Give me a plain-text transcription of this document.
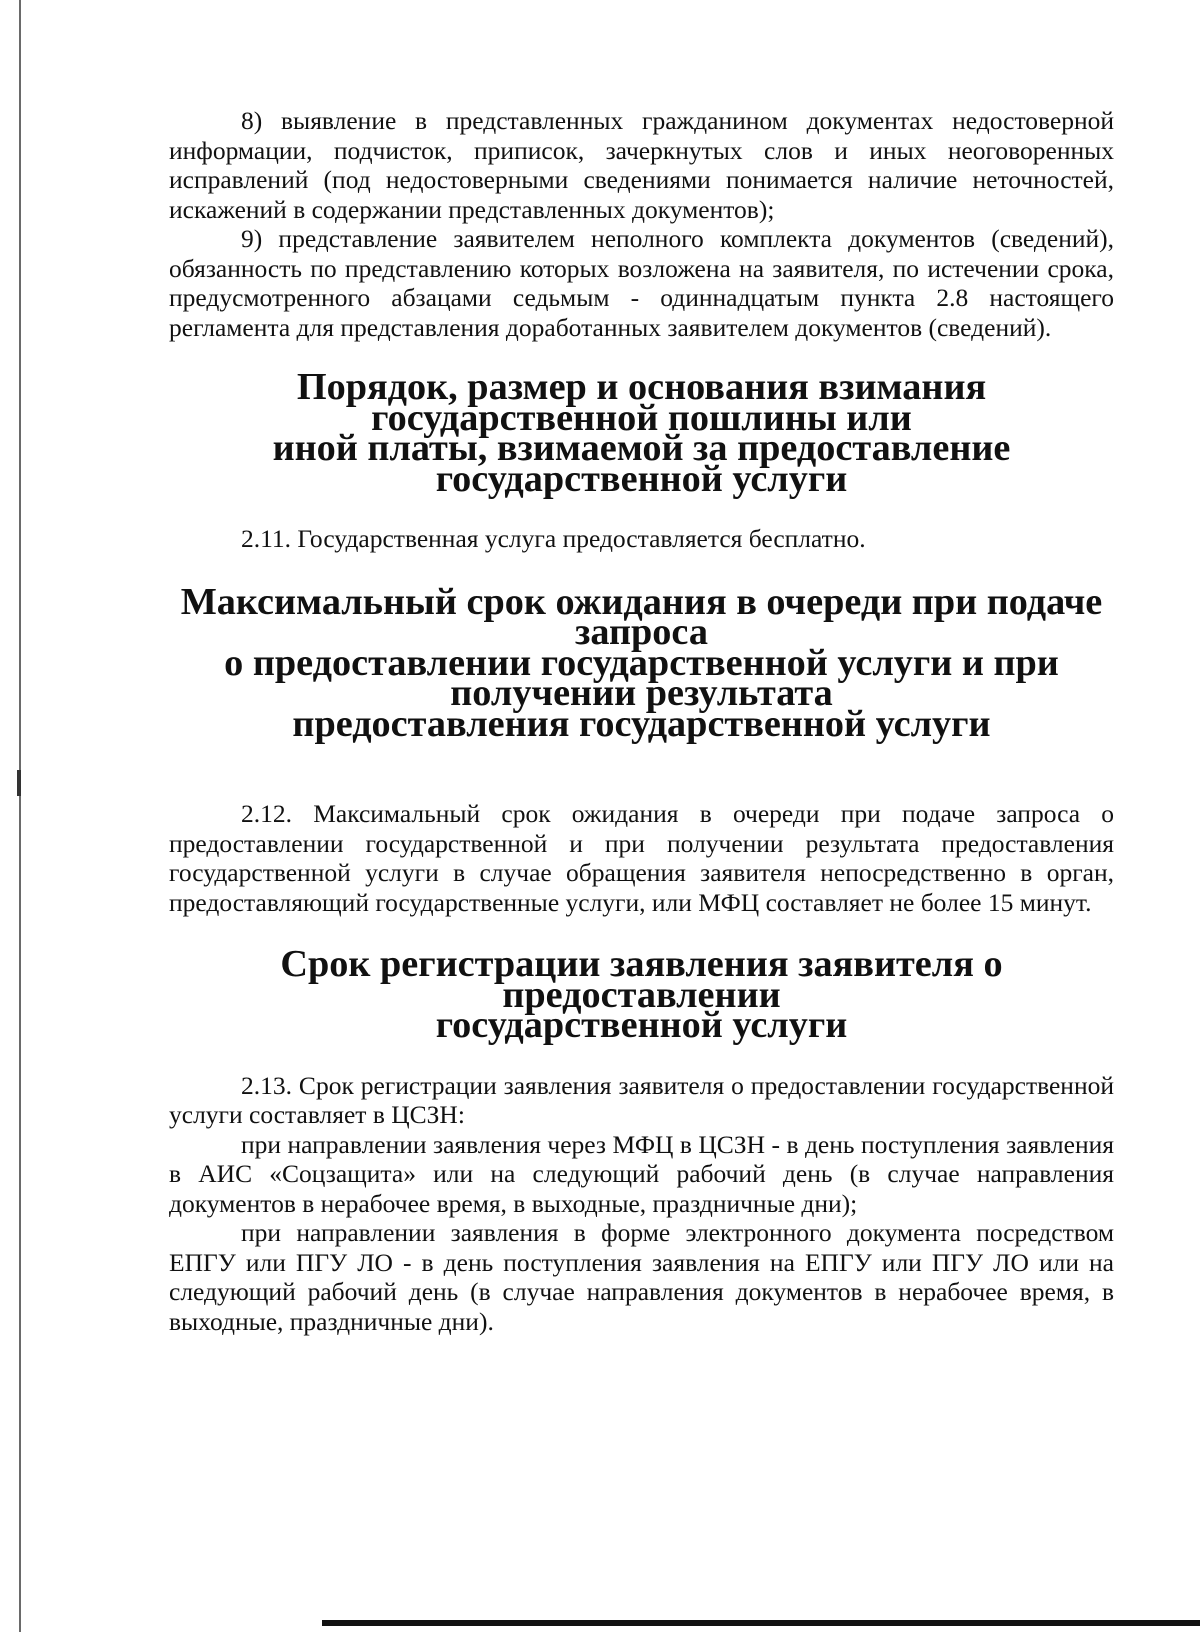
8) выявление в представленных гражданином документах недостоверной информации, подчисток, приписок, зачеркнутых слов и иных неоговоренных исправлений (под недостоверными сведениями понимается наличие неточностей, искажений в содержании представленных документов);

9) представление заявителем неполного комплекта документов (сведений), обязанность по представлению которых возложена на заявителя, по истечении срока, предусмотренного абзацами седьмым - одиннадцатым пункта 2.8 настоящего регламента для представления доработанных заявителем документов (сведений).

Порядок, размер и основания взимания государственной пошлины или
иной платы, взимаемой за предоставление государственной услуги

2.11. Государственная услуга предоставляется бесплатно.

Максимальный срок ожидания в очереди при подаче запроса
о предоставлении государственной услуги и при получении результата
предоставления государственной услуги

2.12. Максимальный срок ожидания в очереди при подаче запроса о предоставлении государственной и при получении результата предоставления государственной услуги в случае обращения заявителя непосредственно в орган, предоставляющий государственные услуги, или МФЦ составляет не более 15 минут.

Срок регистрации заявления заявителя о предоставлении
государственной услуги

2.13. Срок регистрации заявления заявителя о предоставлении государственной услуги составляет в ЦСЗН:

при направлении заявления через МФЦ в ЦСЗН - в день поступления заявления в АИС «Соцзащита» или на следующий рабочий день (в случае направления документов в нерабочее время, в выходные, праздничные дни);

при направлении заявления в форме электронного документа посредством ЕПГУ или ПГУ ЛО - в день поступления заявления на ЕПГУ или ПГУ ЛО или на следующий рабочий день (в случае направления документов в нерабочее время, в выходные, праздничные дни).
